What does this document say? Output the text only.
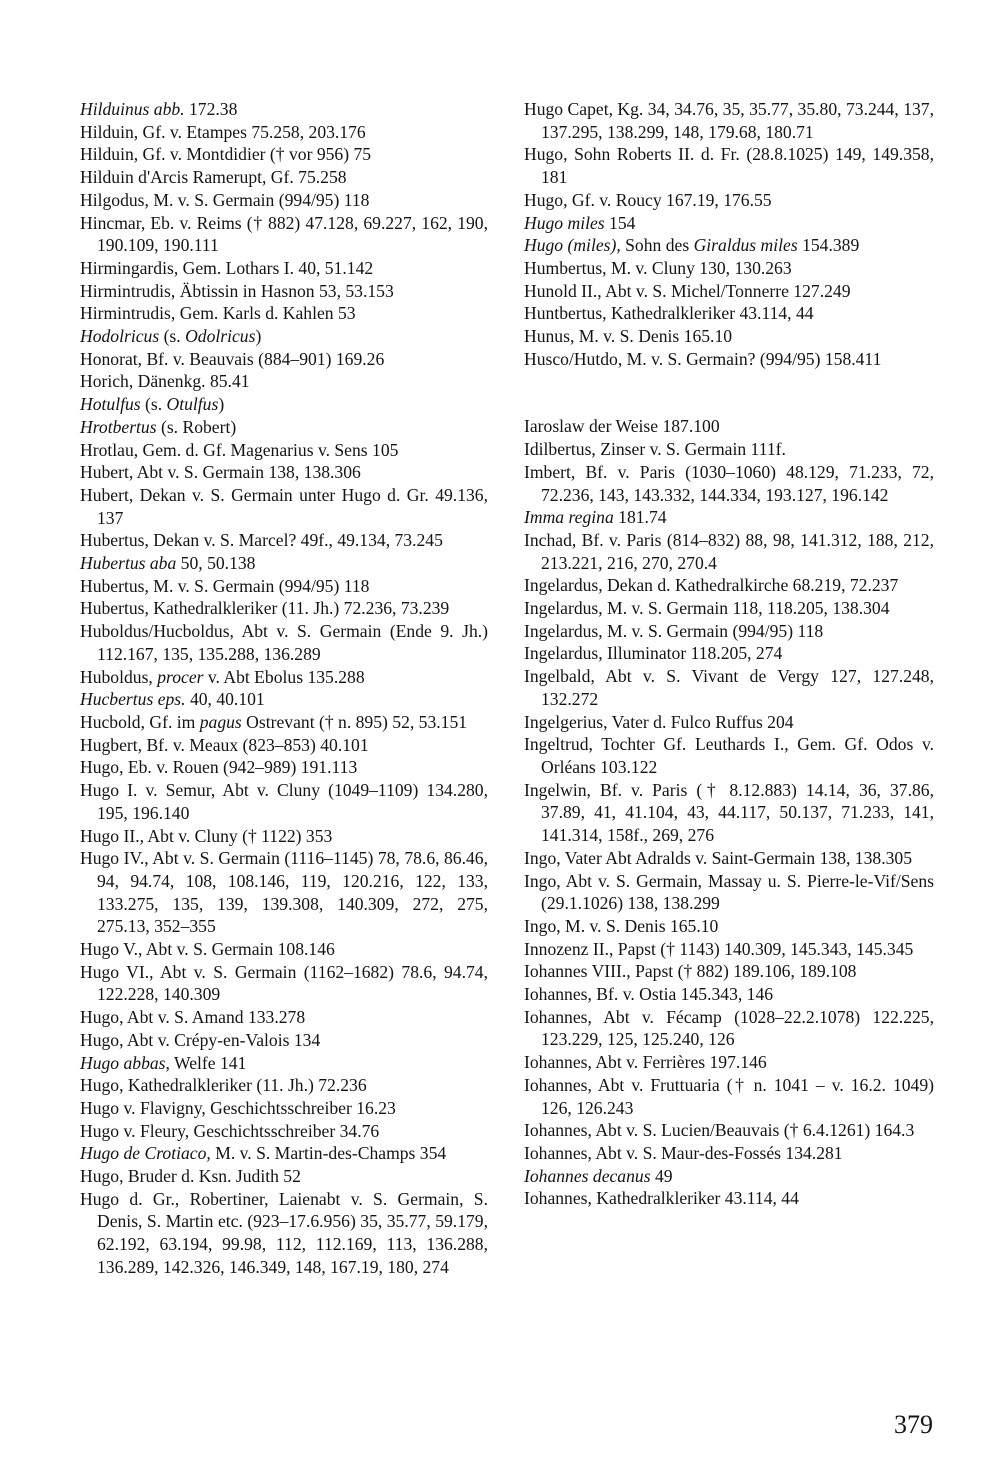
Hilduinus abb. 172.38
Hilduin, Gf. v. Etampes 75.258, 203.176
Hilduin, Gf. v. Montdidier († vor 956) 75
Hilduin d'Arcis Ramerupt, Gf. 75.258
Hilgodus, M. v. S. Germain (994/95) 118
Hincmar, Eb. v. Reims († 882) 47.128, 69.227, 162, 190, 190.109, 190.111
Hirmingardis, Gem. Lothars I. 40, 51.142
Hirmintrudis, Äbtissin in Hasnon 53, 53.153
Hirmintrudis, Gem. Karls d. Kahlen 53
Hodolricus (s. Odolricus)
Honorat, Bf. v. Beauvais (884–901) 169.26
Horich, Dänenkg. 85.41
Hotulfus (s. Otulfus)
Hrotbertus (s. Robert)
Hrotlau, Gem. d. Gf. Magenarius v. Sens 105
Hubert, Abt v. S. Germain 138, 138.306
Hubert, Dekan v. S. Germain unter Hugo d. Gr. 49.136, 137
Hubertus, Dekan v. S. Marcel? 49f., 49.134, 73.245
Hubertus aba 50, 50.138
Hubertus, M. v. S. Germain (994/95) 118
Hubertus, Kathedralkleriker (11. Jh.) 72.236, 73.239
Huboldus/Hucboldus, Abt v. S. Germain (Ende 9. Jh.) 112.167, 135, 135.288, 136.289
Huboldus, procer v. Abt Ebolus 135.288
Hucbertus eps. 40, 40.101
Hucbold, Gf. im pagus Ostrevant († n. 895) 52, 53.151
Hugbert, Bf. v. Meaux (823–853) 40.101
Hugo, Eb. v. Rouen (942–989) 191.113
Hugo I. v. Semur, Abt v. Cluny (1049–1109) 134.280, 195, 196.140
Hugo II., Abt v. Cluny († 1122) 353
Hugo IV., Abt v. S. Germain (1116–1145) 78, 78.6, 86.46, 94, 94.74, 108, 108.146, 119, 120.216, 122, 133, 133.275, 135, 139, 139.308, 140.309, 272, 275, 275.13, 352–355
Hugo V., Abt v. S. Germain 108.146
Hugo VI., Abt v. S. Germain (1162–1682) 78.6, 94.74, 122.228, 140.309
Hugo, Abt v. S. Amand 133.278
Hugo, Abt v. Crépy-en-Valois 134
Hugo abbas, Welfe 141
Hugo, Kathedralkleriker (11. Jh.) 72.236
Hugo v. Flavigny, Geschichtsschreiber 16.23
Hugo v. Fleury, Geschichtsschreiber 34.76
Hugo de Crotiaco, M. v. S. Martin-des-Champs 354
Hugo, Bruder d. Ksn. Judith 52
Hugo d. Gr., Robertiner, Laienabt v. S. Germain, S. Denis, S. Martin etc. (923–17.6.956) 35, 35.77, 59.179, 62.192, 63.194, 99.98, 112, 112.169, 113, 136.288, 136.289, 142.326, 146.349, 148, 167.19, 180, 274
Hugo Capet, Kg. 34, 34.76, 35, 35.77, 35.80, 73.244, 137, 137.295, 138.299, 148, 179.68, 180.71
Hugo, Sohn Roberts II. d. Fr. (28.8.1025) 149, 149.358, 181
Hugo, Gf. v. Roucy 167.19, 176.55
Hugo miles 154
Hugo (miles), Sohn des Giraldus miles 154.389
Humbertus, M. v. Cluny 130, 130.263
Hunold II., Abt v. S. Michel/Tonnerre 127.249
Huntbertus, Kathedralkleriker 43.114, 44
Hunus, M. v. S. Denis 165.10
Husco/Hutdo, M. v. S. Germain? (994/95) 158.411
Iaroslaw der Weise 187.100
Idilbertus, Zinser v. S. Germain 111f.
Imbert, Bf. v. Paris (1030–1060) 48.129, 71.233, 72, 72.236, 143, 143.332, 144.334, 193.127, 196.142
Imma regina 181.74
Inchad, Bf. v. Paris (814–832) 88, 98, 141.312, 188, 212, 213.221, 216, 270, 270.4
Ingelardus, Dekan d. Kathedralkirche 68.219, 72.237
Ingelardus, M. v. S. Germain 118, 118.205, 138.304
Ingelardus, M. v. S. Germain (994/95) 118
Ingelardus, Illuminator 118.205, 274
Ingelbald, Abt v. S. Vivant de Vergy 127, 127.248, 132.272
Ingelgerius, Vater d. Fulco Ruffus 204
Ingeltrud, Tochter Gf. Leuthards I., Gem. Gf. Odos v. Orléans 103.122
Ingelwin, Bf. v. Paris († 8.12.883) 14.14, 36, 37.86, 37.89, 41, 41.104, 43, 44.117, 50.137, 71.233, 141, 141.314, 158f., 269, 276
Ingo, Vater Abt Adralds v. Saint-Germain 138, 138.305
Ingo, Abt v. S. Germain, Massay u. S. Pierre-le-Vif/Sens (29.1.1026) 138, 138.299
Ingo, M. v. S. Denis 165.10
Innozenz II., Papst († 1143) 140.309, 145.343, 145.345
Iohannes VIII., Papst († 882) 189.106, 189.108
Iohannes, Bf. v. Ostia 145.343, 146
Iohannes, Abt v. Fécamp (1028–22.2.1078) 122.225, 123.229, 125, 125.240, 126
Iohannes, Abt v. Ferrières 197.146
Iohannes, Abt v. Fruttuaria († n. 1041 – v. 16.2. 1049) 126, 126.243
Iohannes, Abt v. S. Lucien/Beauvais († 6.4.1261) 164.3
Iohannes, Abt v. S. Maur-des-Fossés 134.281
Iohannes decanus 49
Iohannes, Kathedralkleriker 43.114, 44
379
